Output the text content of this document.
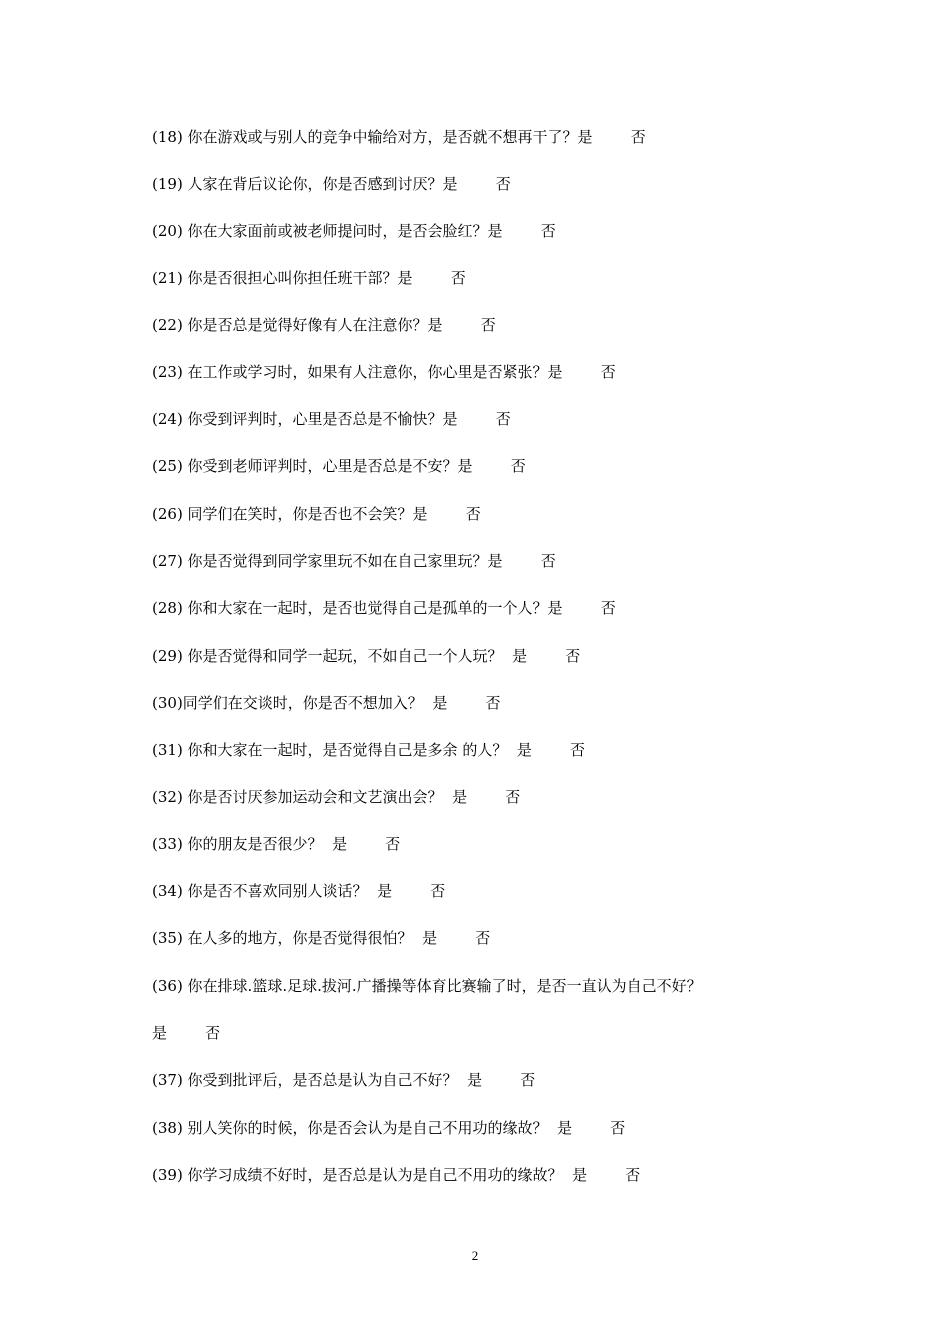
(18) 你在游戏或与别人的竞争中输给对方，是否就不想再干了？是        否
(19) 人家在背后议论你，你是否感到讨厌？是        否
(20) 你在大家面前或被老师提问时，是否会脸红？是        否
(21) 你是否很担心叫你担任班干部？是        否
(22) 你是否总是觉得好像有人在注意你？是        否
(23) 在工作或学习时，如果有人注意你，你心里是否紧张？是        否
(24) 你受到评判时，心里是否总是不愉快？是        否
(25) 你受到老师评判时，心里是否总是不安？是        否
(26) 同学们在笑时，你是否也不会笑？是        否
(27) 你是否觉得到同学家里玩不如在自己家里玩？是        否
(28) 你和大家在一起时，是否也觉得自己是孤单的一个人？是        否
(29) 你是否觉得和同学一起玩，不如自己一个人玩？  是        否
(30)同学们在交谈时，你是否不想加入？  是        否
(31) 你和大家在一起时，是否觉得自己是多余 的人？  是        否
(32) 你是否讨厌参加运动会和文艺演出会？  是        否
(33) 你的朋友是否很少？  是        否
(34) 你是否不喜欢同别人谈话？  是        否
(35) 在人多的地方，你是否觉得很怕？  是        否
(36) 你在排球.篮球.足球.拔河.广播操等体育比赛输了时，是否一直认为自己不好？
是        否
(37) 你受到批评后，是否总是认为自己不好？  是        否
(38) 别人笑你的时候，你是否会认为是自己不用功的缘故？  是        否
(39) 你学习成绩不好时，是否总是认为是自己不用功的缘故？  是        否
2
